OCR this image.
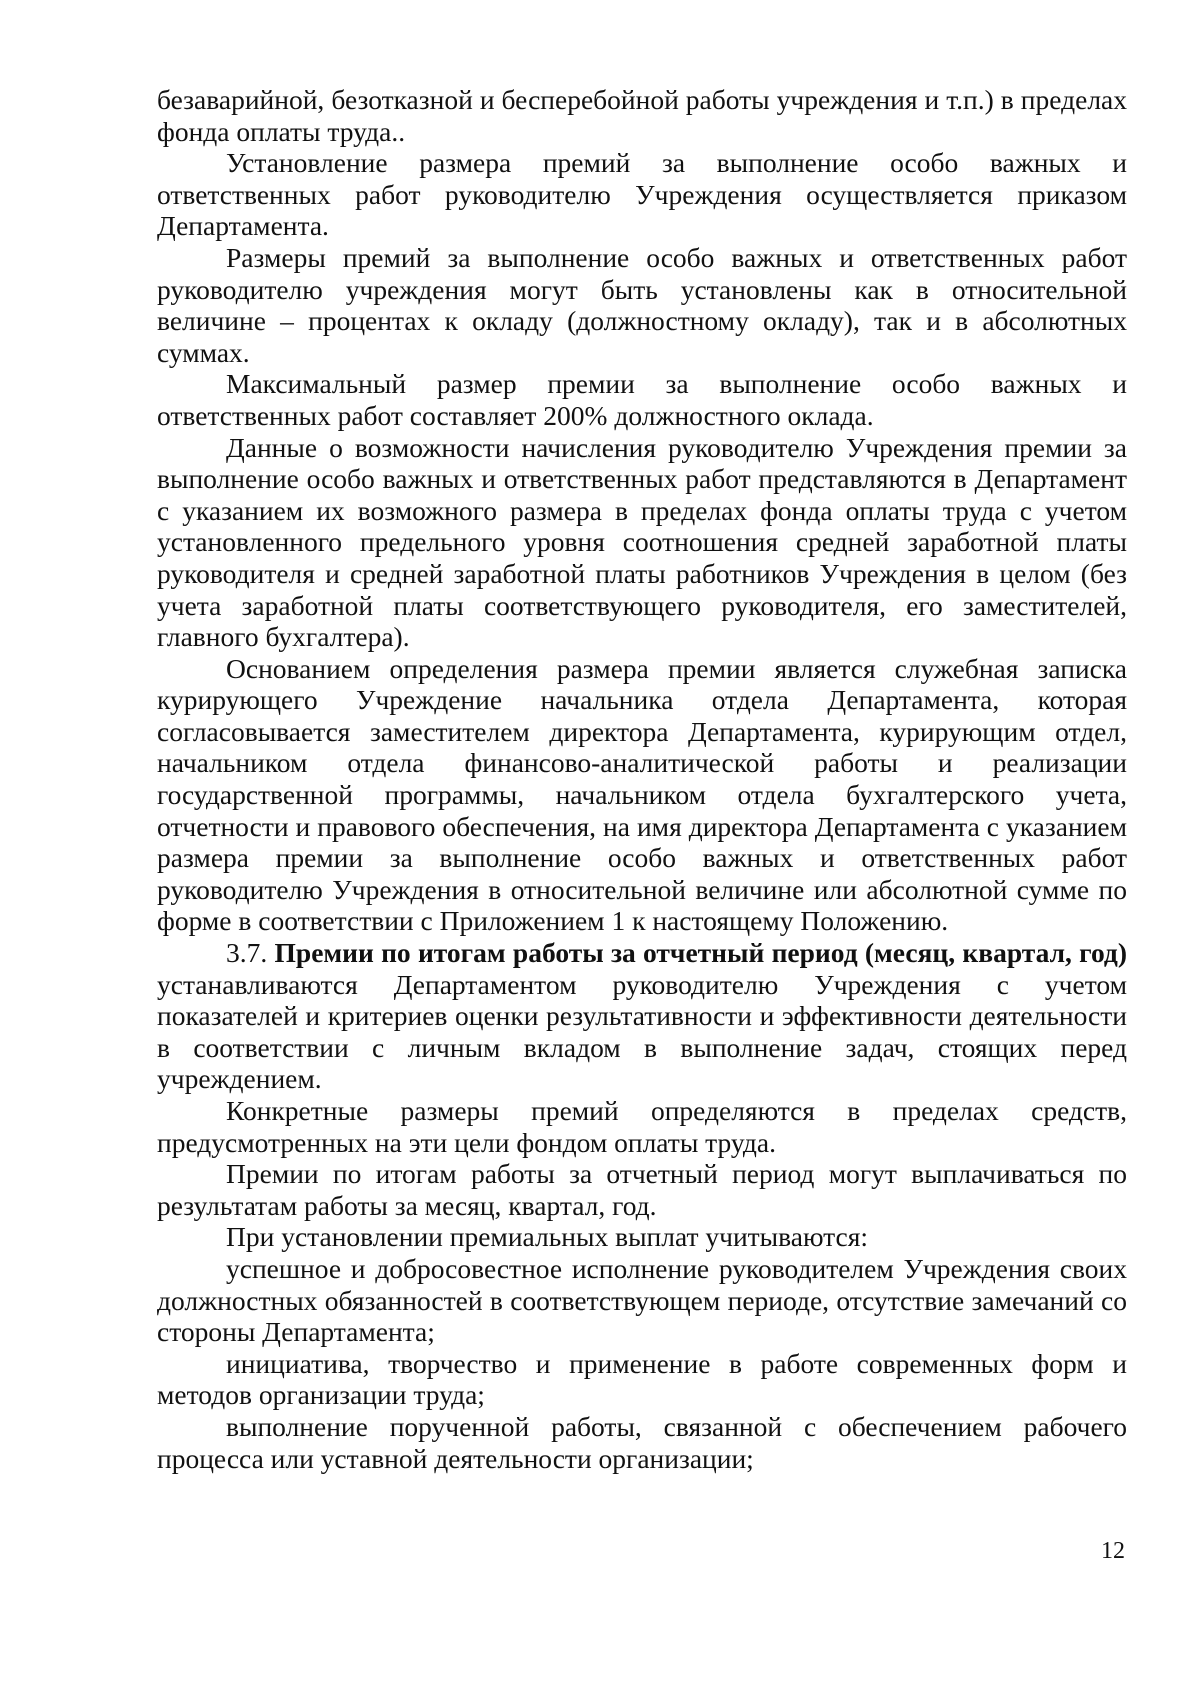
безаварийной, безотказной и бесперебойной работы учреждения и т.п.) в пределах фонда оплаты труда..

Установление размера премий за выполнение особо важных и ответственных работ руководителю Учреждения осуществляется приказом Департамента.

Размеры премий за выполнение особо важных и ответственных работ руководителю учреждения могут быть установлены как в относительной величине – процентах к окладу (должностному окладу), так и в абсолютных суммах.

Максимальный размер премии за выполнение особо важных и ответственных работ составляет 200% должностного оклада.

Данные о возможности начисления руководителю Учреждения премии за выполнение особо важных и ответственных работ представляются в Департамент с указанием их возможного размера в пределах фонда оплаты труда с учетом установленного предельного уровня соотношения средней заработной платы руководителя и средней заработной платы работников Учреждения в целом (без учета заработной платы соответствующего руководителя, его заместителей, главного бухгалтера).

Основанием определения размера премии является служебная записка курирующего Учреждение начальника отдела Департамента, которая согласовывается заместителем директора Департамента, курирующим отдел, начальником отдела финансово-аналитической работы и реализации государственной программы, начальником отдела бухгалтерского учета, отчетности и правового обеспечения, на имя директора Департамента с указанием размера премии за выполнение особо важных и ответственных работ руководителю Учреждения в относительной величине или абсолютной сумме по форме в соответствии с Приложением 1 к настоящему Положению.

3.7. Премии по итогам работы за отчетный период (месяц, квартал, год) устанавливаются Департаментом руководителю Учреждения с учетом показателей и критериев оценки результативности и эффективности деятельности в соответствии с личным вкладом в выполнение задач, стоящих перед учреждением.

Конкретные размеры премий определяются в пределах средств, предусмотренных на эти цели фондом оплаты труда.

Премии по итогам работы за отчетный период могут выплачиваться по результатам работы за месяц, квартал, год.

При установлении премиальных выплат учитываются:

успешное и добросовестное исполнение руководителем Учреждения своих должностных обязанностей в соответствующем периоде, отсутствие замечаний со стороны Департамента;

инициатива, творчество и применение в работе современных форм и методов организации труда;

выполнение порученной работы, связанной с обеспечением рабочего процесса или уставной деятельности организации;

12
